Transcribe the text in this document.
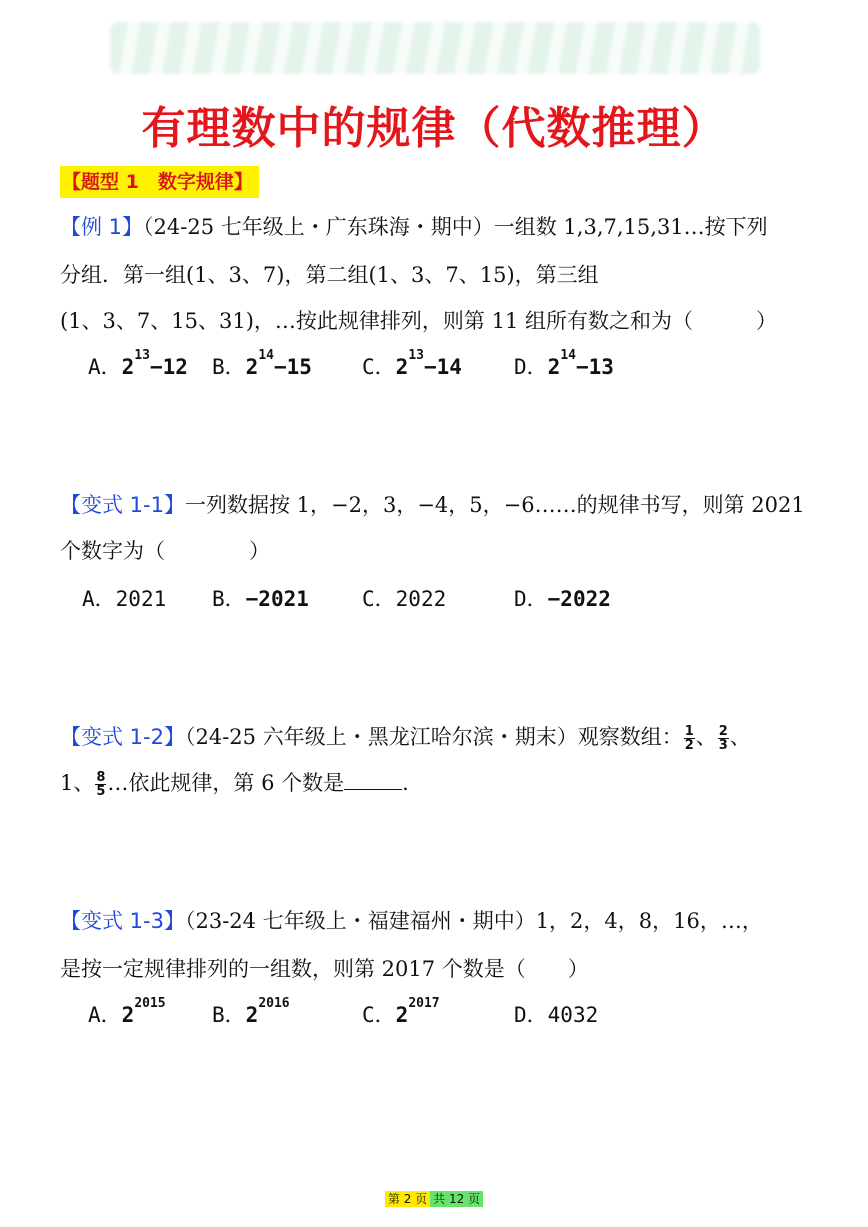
有理数中的规律（代数推理）
【题型 1　数字规律】
【例 1】（24-25 七年级上・广东珠海・期中）一组数 1,3,7,15,31…按下列
分组．第一组(1、3、7)，第二组(1、3、7、15)，第三组
(1、3、7、15、31)，…按此规律排列，则第 11 组所有数之和为（　　　）
A．$2^{13}-12$ B．$2^{14}-15$ C．$2^{13}-14$ D．$2^{14}-13$
【变式 1-1】一列数据按 1，−2，3，−4，5，−6……的规律书写，则第 2021
个数字为（　　　　）
A．2021 B．−2021	C．2022	D．−2022
【变式 1-2】（24-25 六年级上・黑龙江哈尔滨・期末）观察数组： $\frac{1}{2}$ 、 $\frac{2}{3}$ 、
1、 $\frac{8}{5}$ …依此规律，第 6 个数是	.
【变式 1-3】（23-24 七年级上・福建福州・期中）1，2，4，8，16，…，
是按一定规律排列的一组数，则第 2017 个数是（　　）
A．$2^{2015}$ B．$2^{2016}$	C．$2^{2017}$	D．4032
第 2 页 共 12 页
